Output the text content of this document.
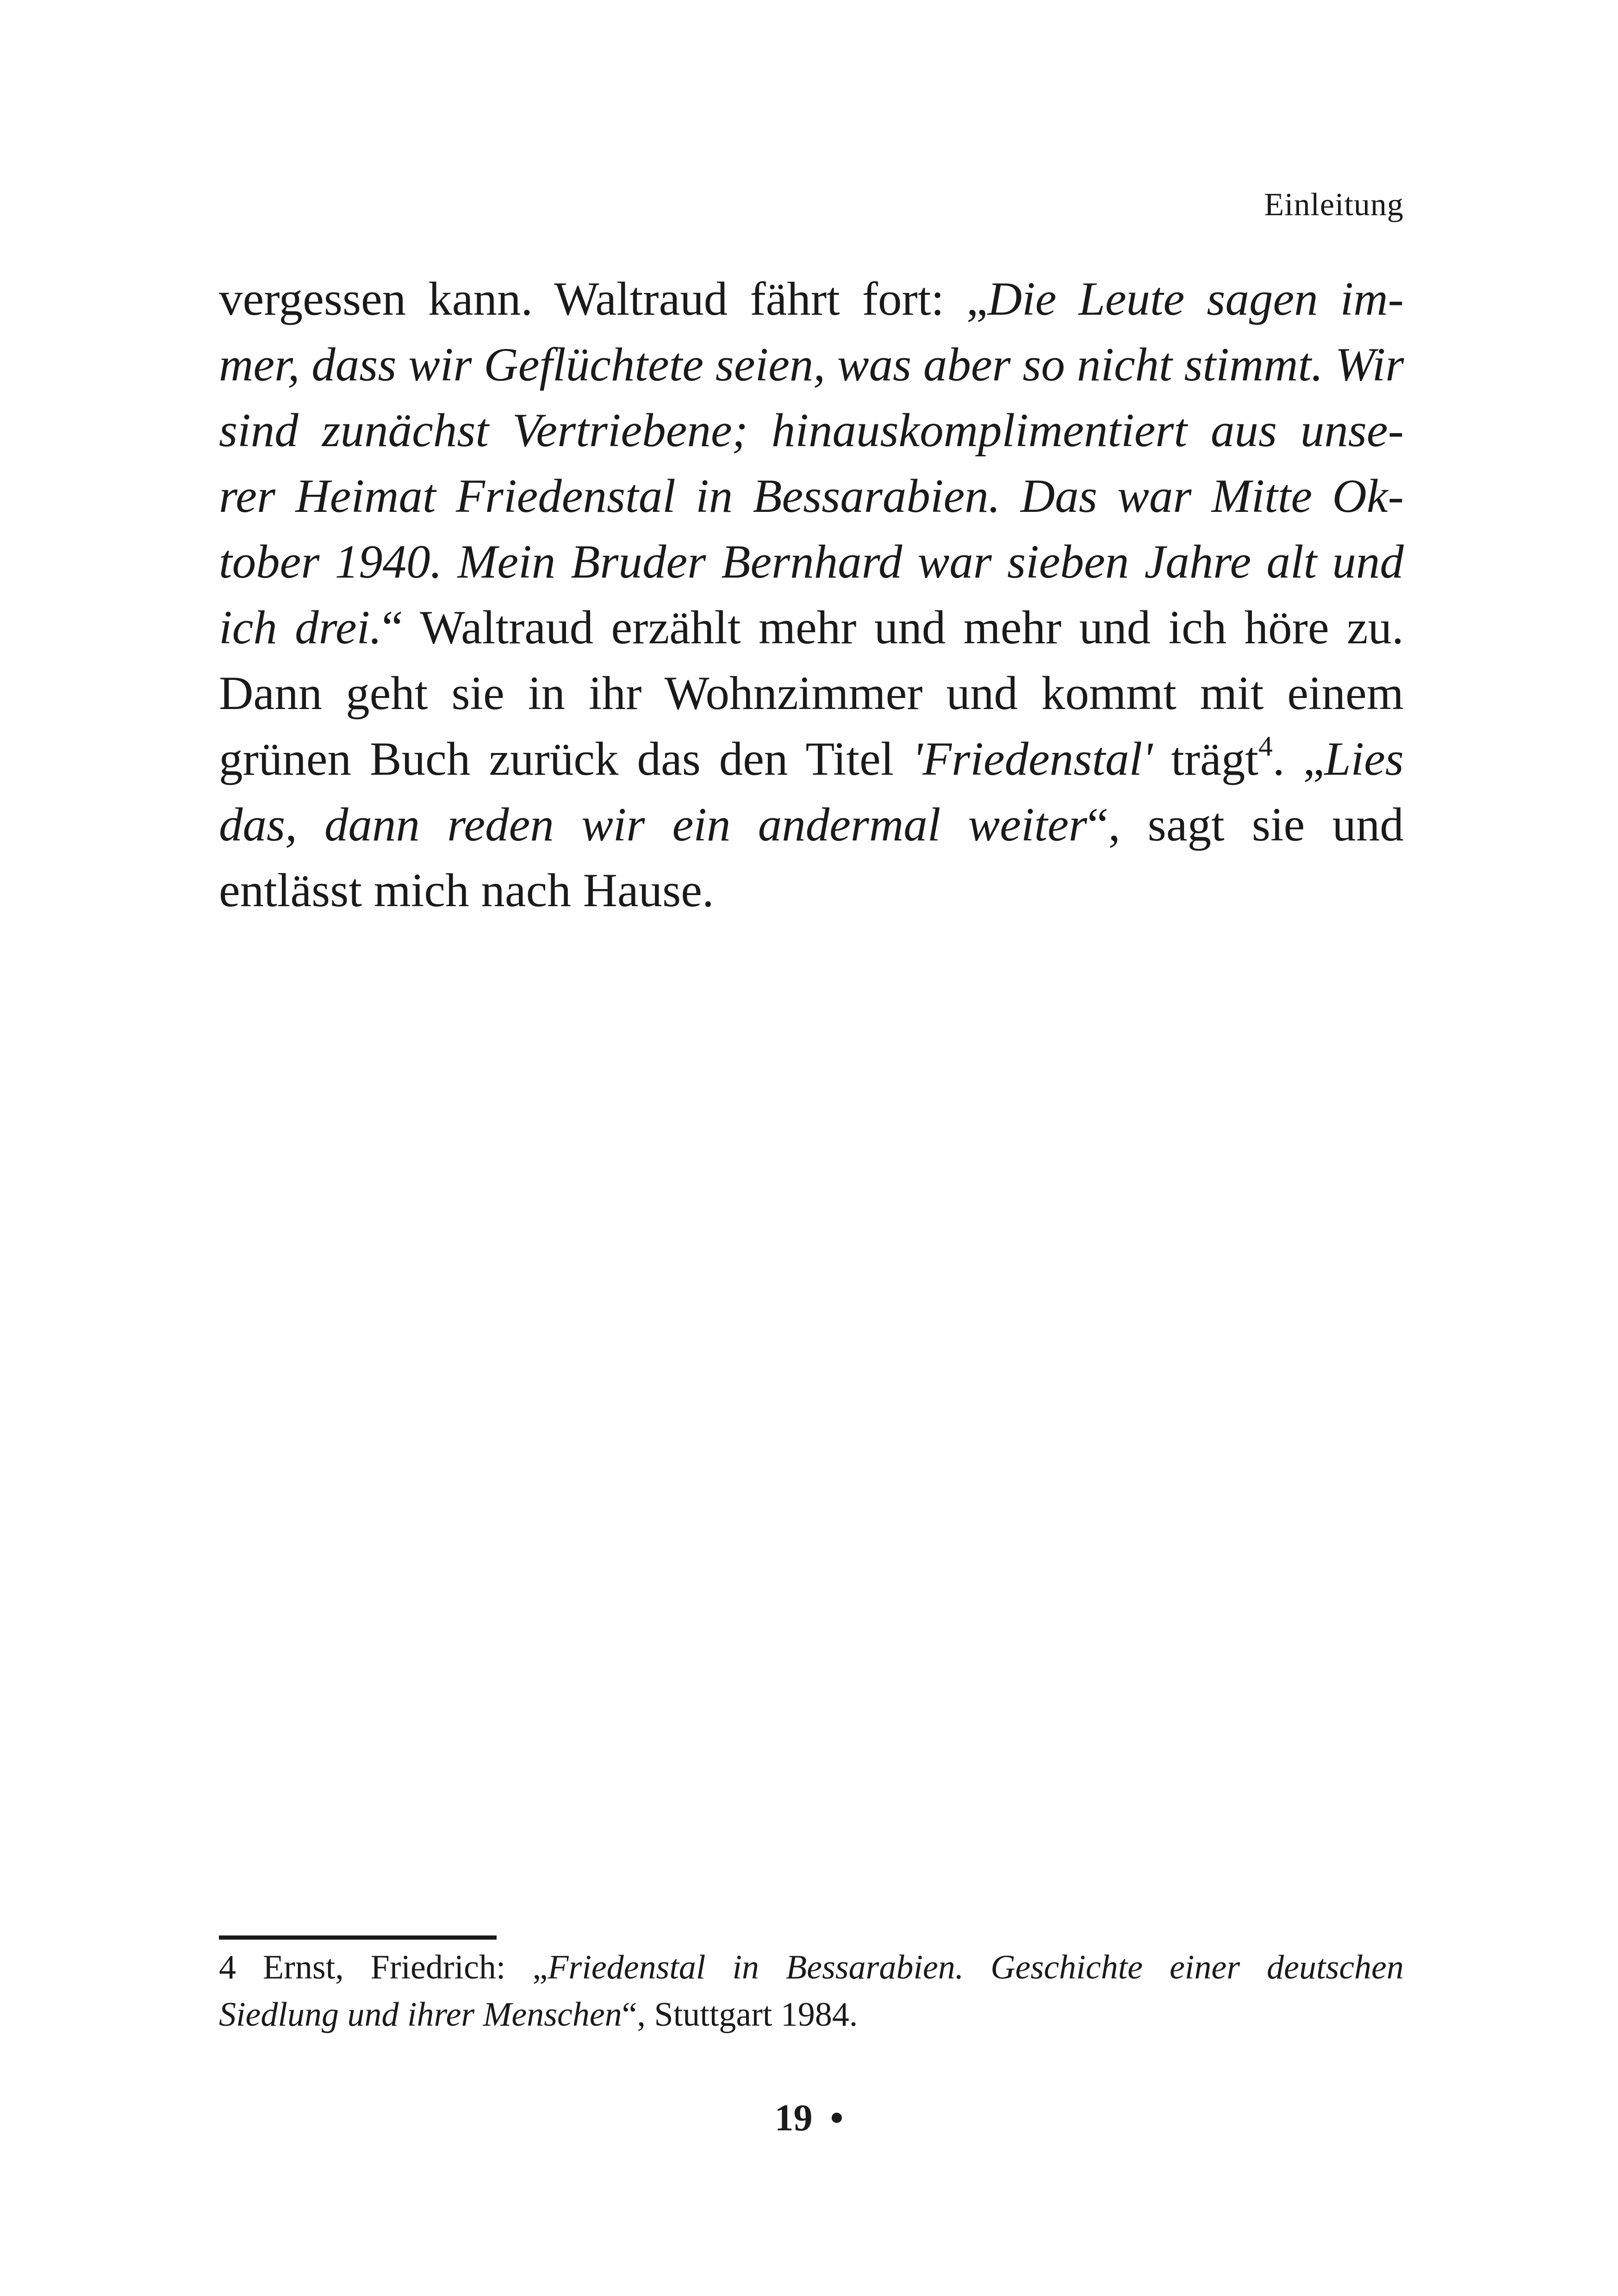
Einleitung
vergessen kann. Waltraud fährt fort: „Die Leute sagen im-
mer, dass wir Geflüchtete seien, was aber so nicht stimmt. Wir
sind zunächst Vertriebene; hinauskomplimentiert aus unse-
rer Heimat Friedenstal in Bessarabien. Das war Mitte Ok-
tober 1940. Mein Bruder Bernhard war sieben Jahre alt und
ich drei.“ Waltraud erzählt mehr und mehr und ich höre zu.
Dann geht sie in ihr Wohnzimmer und kommt mit einem
grünen Buch zurück das den Titel 'Friedenstal' trägt$^4$. „Lies
das, dann reden wir ein andermal weiter“, sagt sie und
entlässt mich nach Hause.
4 Ernst, Friedrich: „Friedenstal in Bessarabien. Geschichte einer deutschen
Siedlung und ihrer Menschen“, Stuttgart 1984.
19 •
